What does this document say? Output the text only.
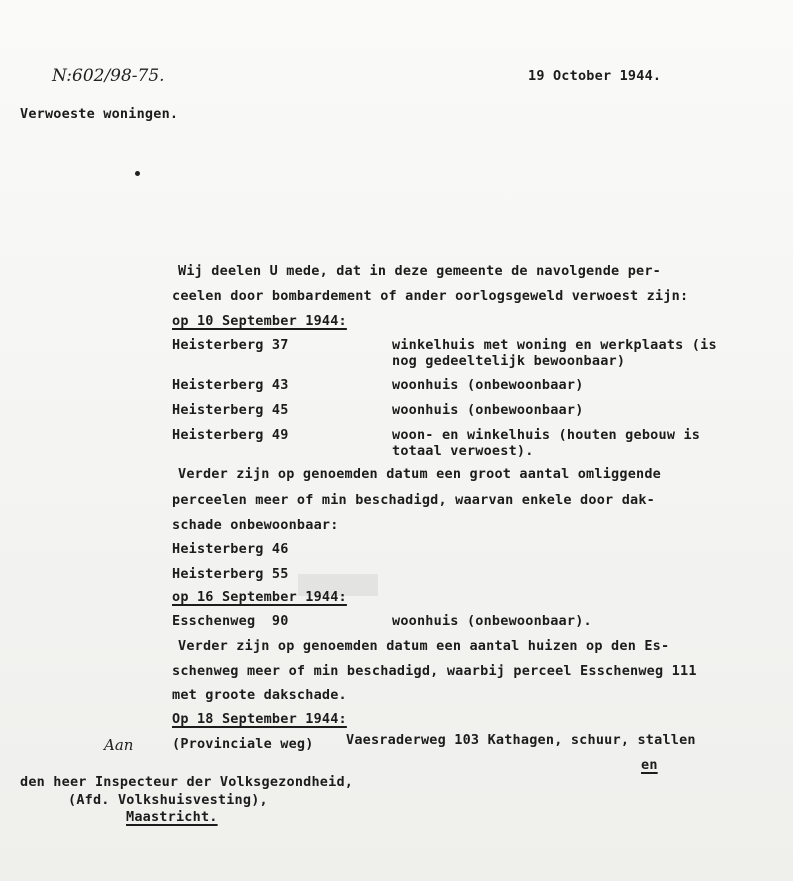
N:602/98-75.	19 October 1944.
Verwoeste woningen.
Wij deelen U mede, dat in deze gemeente de navolgende per-
ceelen door bombardement of ander oorlogsgeweld verwoest zijn:
op 10 September 1944:
Heisterberg 37	winkelhuis met woning en werkplaats (is
nog gedeeltelijk bewoonbaar)
Heisterberg 43	woonhuis (onbewoonbaar)
Heisterberg 45	woonhuis (onbewoonbaar)
Heisterberg 49	woon- en winkelhuis (houten gebouw is
totaal verwoest).
Verder zijn op genoemden datum een groot aantal omliggende
perceelen meer of min beschadigd, waarvan enkele door dak-
schade onbewoonbaar:
Heisterberg 46
Heisterberg 55
op 16 September 1944:
Esschenweg  90	woonhuis (onbewoonbaar).
Verder zijn op genoemden datum een aantal huizen op den Es-
schenweg meer of min beschadigd, waarbij perceel Esschenweg 111
met groote dakschade.
Op 18 September 1944:
(Provinciale weg) Vaesraderweg 103 Kathagen, schuur, stallen
en
Aan
den heer Inspecteur der Volksgezondheid,
(Afd. Volkshuisvesting),
Maastricht.
